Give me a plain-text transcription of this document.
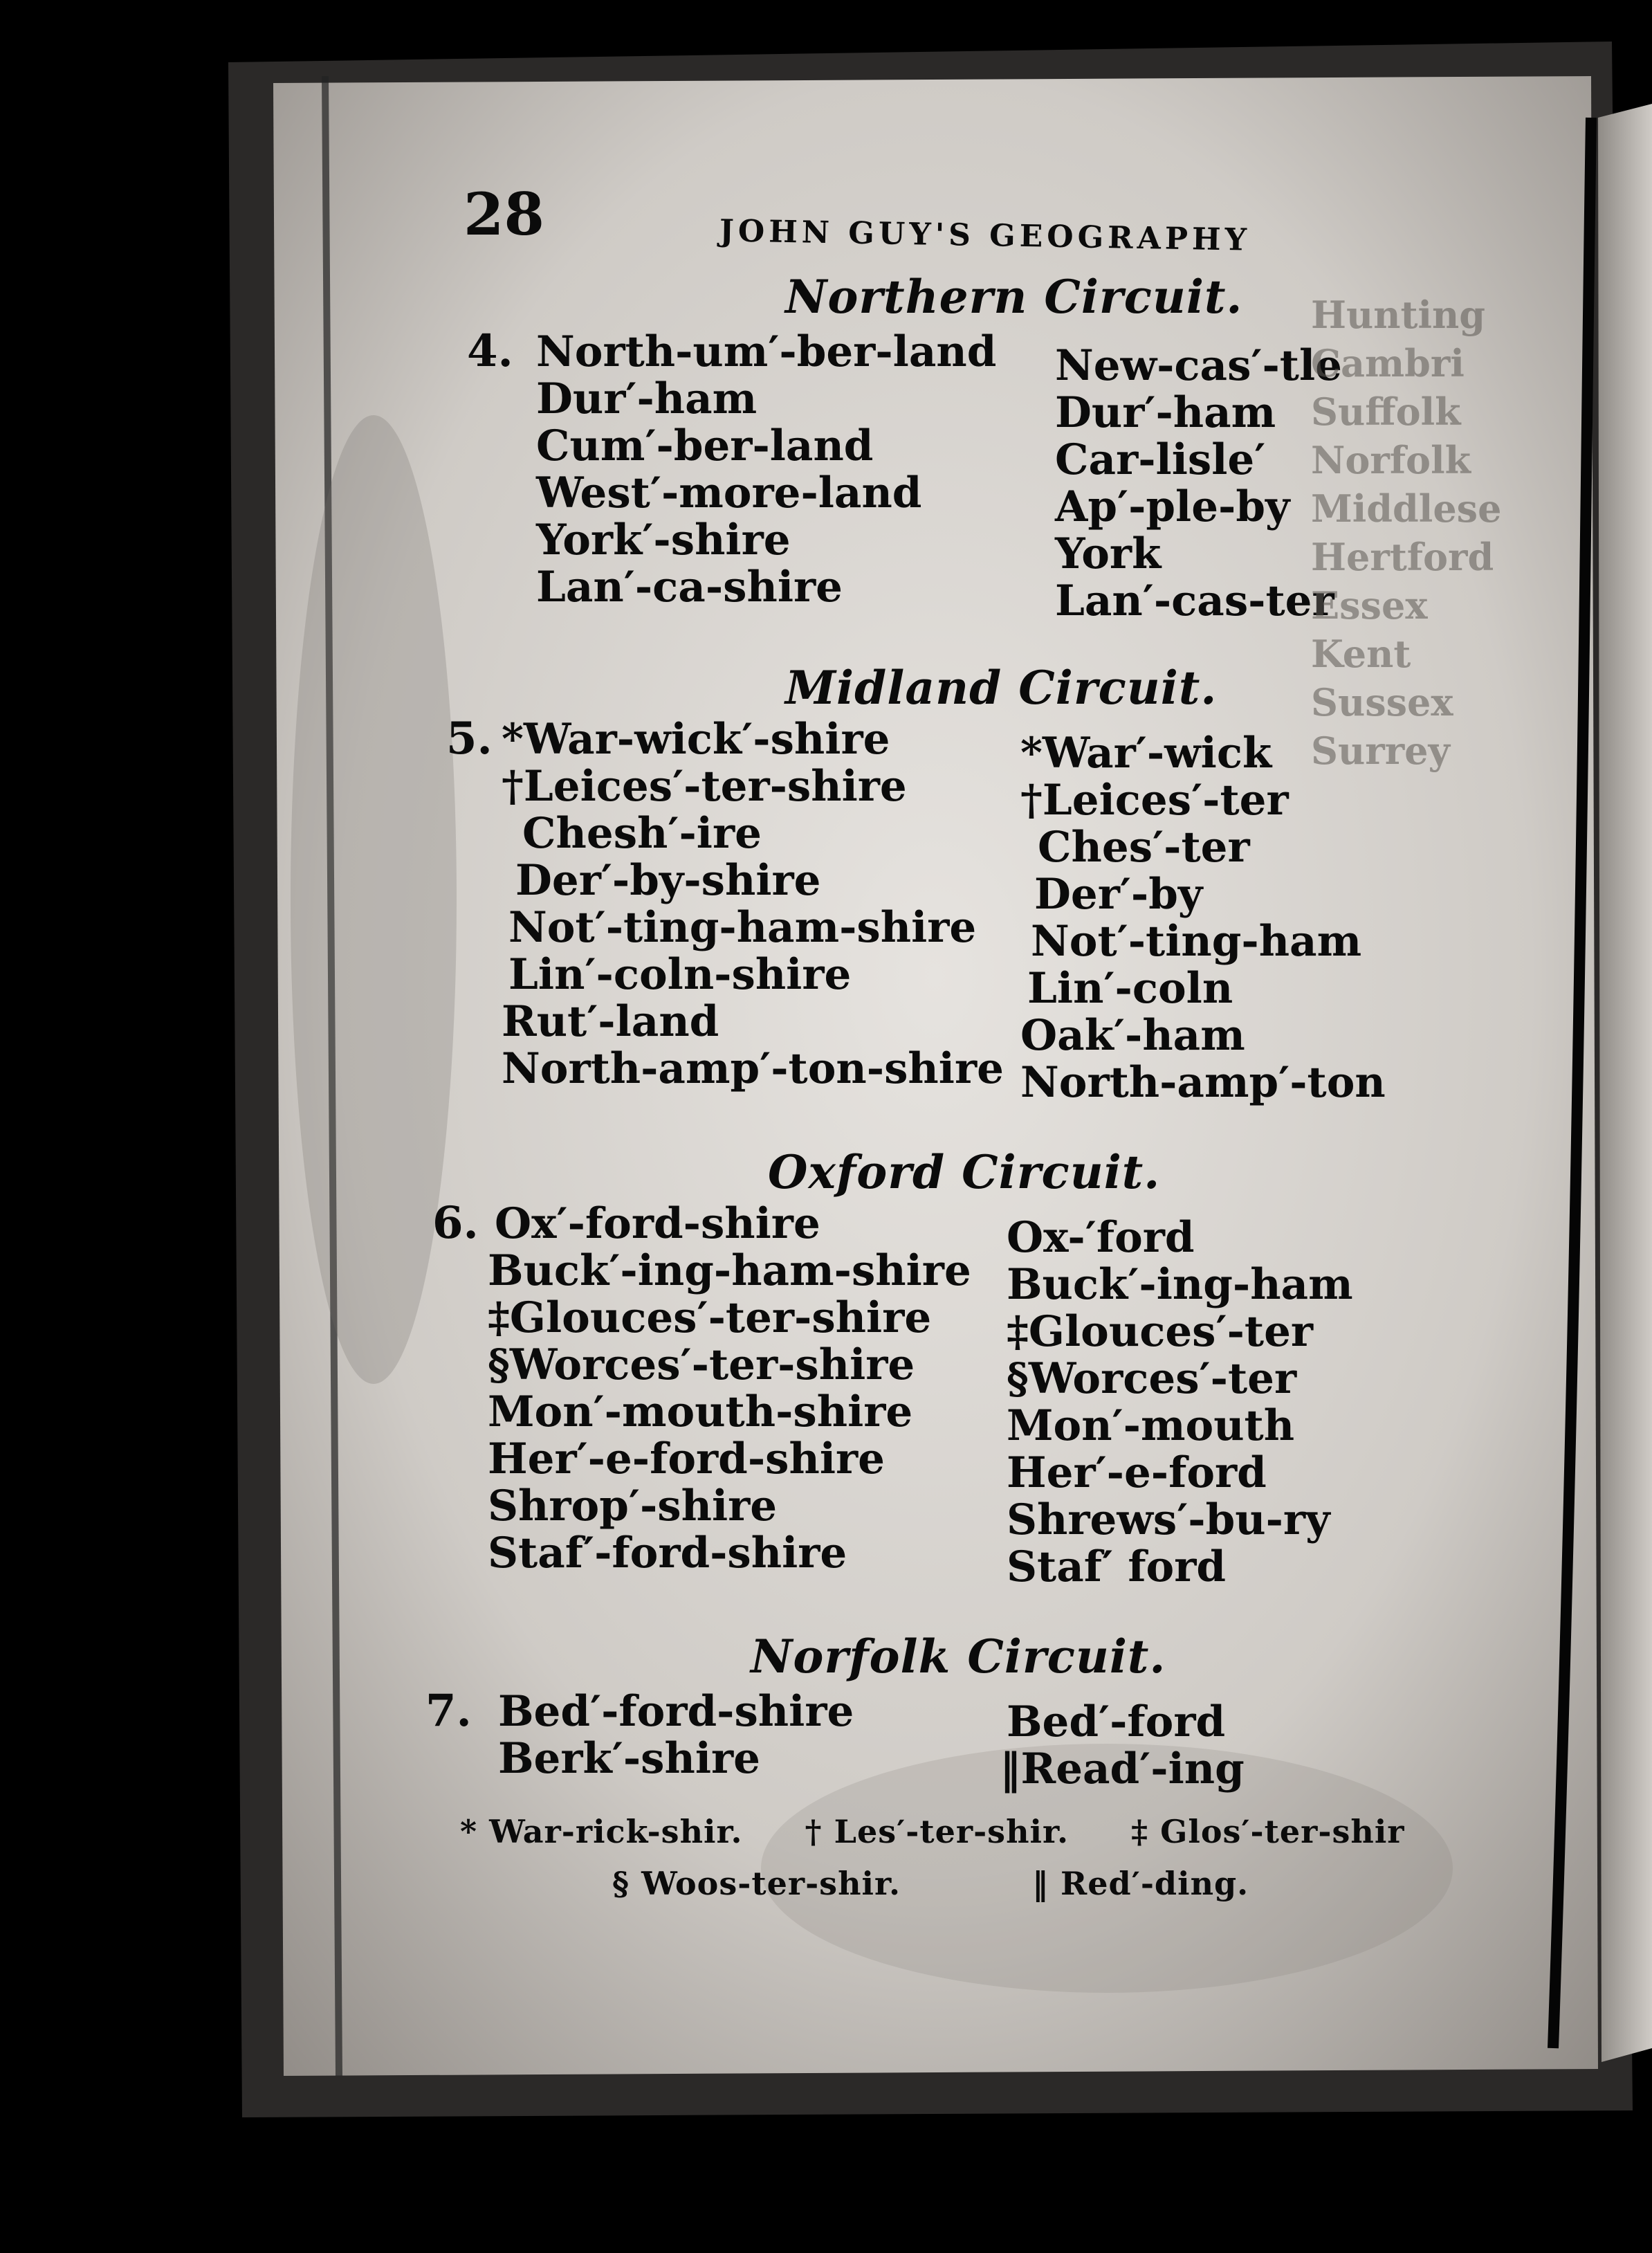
28	JOHN GUY'S GEOGRAPHY
Northern Circuit.
4. North-um′-ber-land
Dur′-ham
Cum′-ber-land
West′-more-land
York′-shire
Lan′-ca-shire
New-cas′-tle
Dur′-ham
Car-lisle′
Ap′-ple-by
York
Lan′-cas-ter
Midland Circuit.
5. *War-wick′-shire
†Leices′-ter-shire
Chesh′-ire
Der′-by-shire
Not′-ting-ham-shire
Lin′-coln-shire
Rut′-land
North-amp′-ton-shire
*War′-wick
†Leices′-ter
Ches′-ter
Der′-by
Not′-ting-ham
Lin′-coln
Oak′-ham
North-amp′-ton
Oxford Circuit.
6. Ox′-ford-shire
Buck′-ing-ham-shire
‡Glouces′-ter-shire
§Worces′-ter-shire
Mon′-mouth-shire
Her′-e-ford-shire
Shrop′-shire
Staf′-ford-shire
Ox-′ford
Buck′-ing-ham
‡Glouces′-ter
§Worces′-ter
Mon′-mouth
Her′-e-ford
Shrews′-bu-ry
Staf′ ford
Norfolk Circuit.
7. Bed′-ford-shire
Berk′-shire
Bed′-ford
‖Read′-ing
* War-rick-shir. † Les′-ter-shir. ‡ Glos′-ter-shir
§ Woos-ter-shir.	‖ Red′-ding.
Hunting
Cambri
Suffolk
Norfolk
Middlese
Hertford
Essex
Kent
Sussex
Surrey
